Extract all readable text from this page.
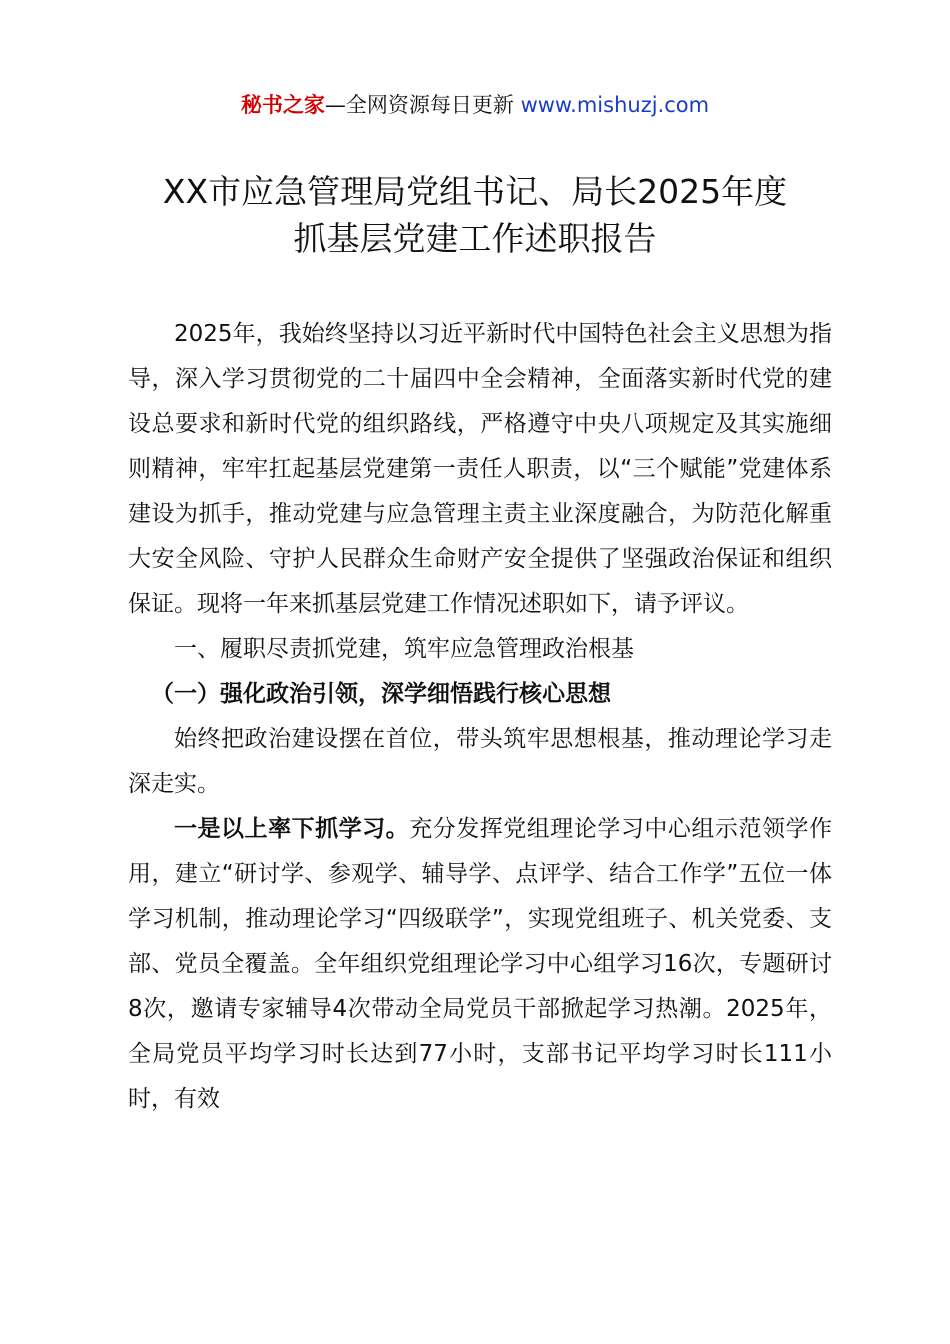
秘书之家—全网资源每日更新 www.mishuzj.com
XX市应急管理局党组书记、局长2025年度
抓基层党建工作述职报告

2025年，我始终坚持以习近平新时代中国特色社会主义思想为指导，深入学习贯彻党的二十届四中全会精神，全面落实新时代党的建设总要求和新时代党的组织路线，严格遵守中央八项规定及其实施细则精神，牢牢扛起基层党建第一责任人职责，以“三个赋能”党建体系建设为抓手，推动党建与应急管理主责主业深度融合，为防范化解重大安全风险、守护人民群众生命财产安全提供了坚强政治保证和组织保证。现将一年来抓基层党建工作情况述职如下，请予评议。

一、履职尽责抓党建，筑牢应急管理政治根基

（一）强化政治引领，深学细悟践行核心思想

始终把政治建设摆在首位，带头筑牢思想根基，推动理论学习走深走实。

一是以上率下抓学习。充分发挥党组理论学习中心组示范领学作用，建立“研讨学、参观学、辅导学、点评学、结合工作学”五位一体学习机制，推动理论学习“四级联学”，实现党组班子、机关党委、支部、党员全覆盖。全年组织党组理论学习中心组学习16次，专题研讨8次，邀请专家辅导4次带动全局党员干部掀起学习热潮。2025年，全局党员平均学习时长达到77小时，支部书记平均学习时长111小时，有效
